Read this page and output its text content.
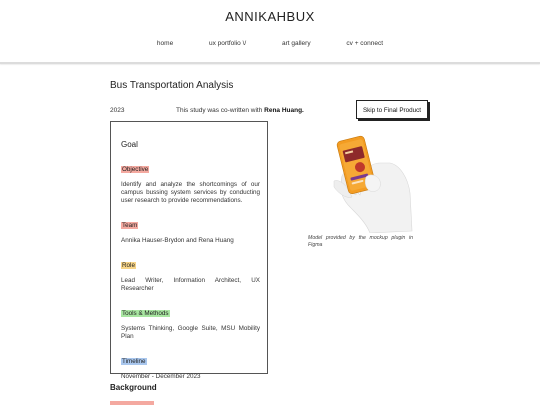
ANNIKAHBUX
home	ux portfolio \/	art gallery	cv + connect
Bus Transportation Analysis
2023	This study was co-written with Rena Huang.	Skip to Final Product
Goal
Objective

Identify and analyze the shortcomings of our campus bussing system services by conducting user research to provide recommendations.

Team

Annika Hauser-Brydon and Rena Huang

Role

Lead Writer, Information Architect, UX Researcher

Tools & Methods

Systems Thinking, Google Suite, MSU Mobility Plan

Timeline

November - December 2023

Model provided by the mockup plugin in Figma
Background
